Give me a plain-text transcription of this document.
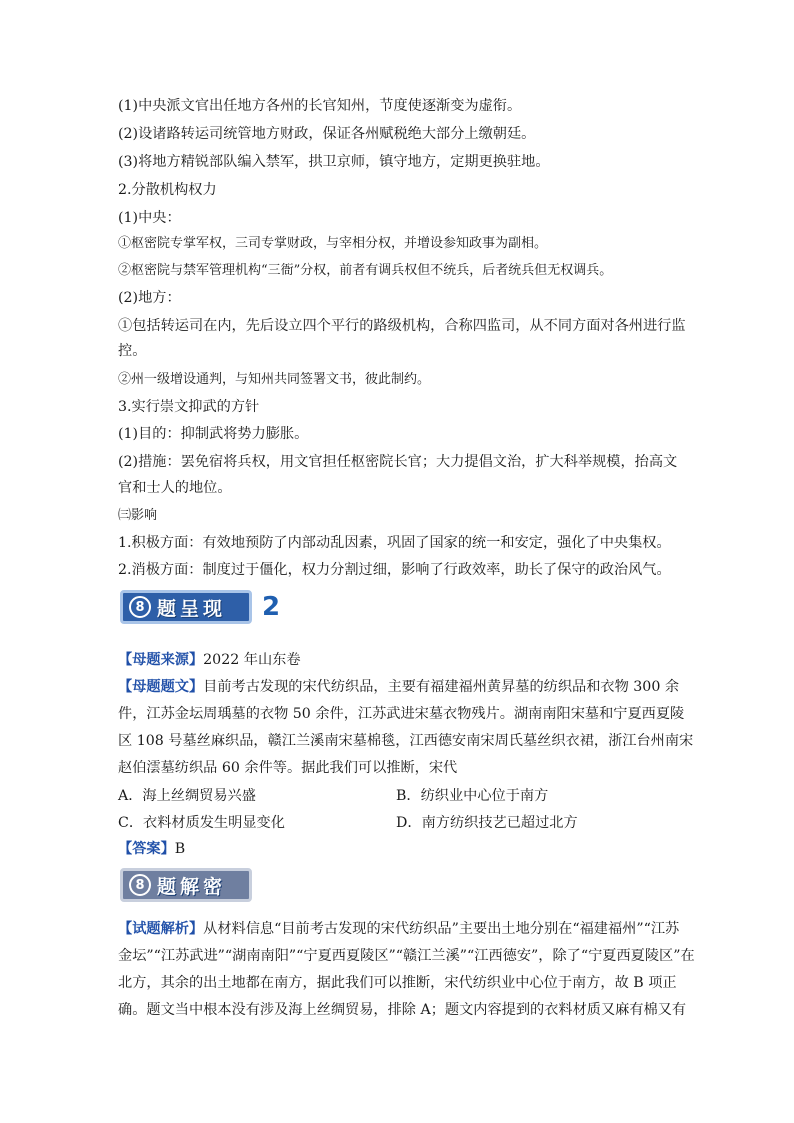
(1)中央派文官出任地方各州的长官知州，节度使逐渐变为虚衔。
(2)设诸路转运司统管地方财政，保证各州赋税绝大部分上缴朝廷。
(3)将地方精锐部队编入禁军，拱卫京师，镇守地方，定期更换驻地。
2.分散机构权力
(1)中央：
①枢密院专掌军权，三司专掌财政，与宰相分权，并增设参知政事为副相。
②枢密院与禁军管理机构“三衙”分权，前者有调兵权但不统兵，后者统兵但无权调兵。
(2)地方：
①包括转运司在内，先后设立四个平行的路级机构，合称四监司，从不同方面对各州进行监
控。
②州一级增设通判，与知州共同签署文书，彼此制约。
3.实行崇文抑武的方针
(1)目的：抑制武将势力膨胀。
(2)措施：罢免宿将兵权，用文官担任枢密院长官；大力提倡文治，扩大科举规模，抬高文
官和士人的地位。
㈢影响
1.积极方面：有效地预防了内部动乱因素，巩固了国家的统一和安定，强化了中央集权。
2.消极方面：制度过于僵化，权力分割过细，影响了行政效率，助长了保守的政治风气。
8 题呈现 2
【母题来源】2022 年山东卷
【母题题文】目前考古发现的宋代纺织品，主要有福建福州黄昇墓的纺织品和衣物 300 余
件，江苏金坛周瑀墓的衣物 50 余件，江苏武进宋墓衣物残片。湖南南阳宋墓和宁夏西夏陵
区 108 号墓丝麻织品，赣江兰溪南宋墓棉毯，江西德安南宋周氏墓丝织衣裙，浙江台州南宋
赵伯澐墓纺织品 60 余件等。据此我们可以推断，宋代
A．海上丝绸贸易兴盛	B．纺织业中心位于南方
C．衣料材质发生明显变化	D．南方纺织技艺已超过北方
【答案】B
8 题解密
【试题解析】从材料信息“目前考古发现的宋代纺织品”主要出土地分别在“福建福州”“江苏
金坛”“江苏武进”“湖南南阳”“宁夏西夏陵区”“赣江兰溪”“江西德安”，除了“宁夏西夏陵区”在
北方，其余的出土地都在南方，据此我们可以推断，宋代纺织业中心位于南方，故 B 项正
确。题文当中根本没有涉及海上丝绸贸易，排除 A；题文内容提到的衣料材质又麻有棉又有
